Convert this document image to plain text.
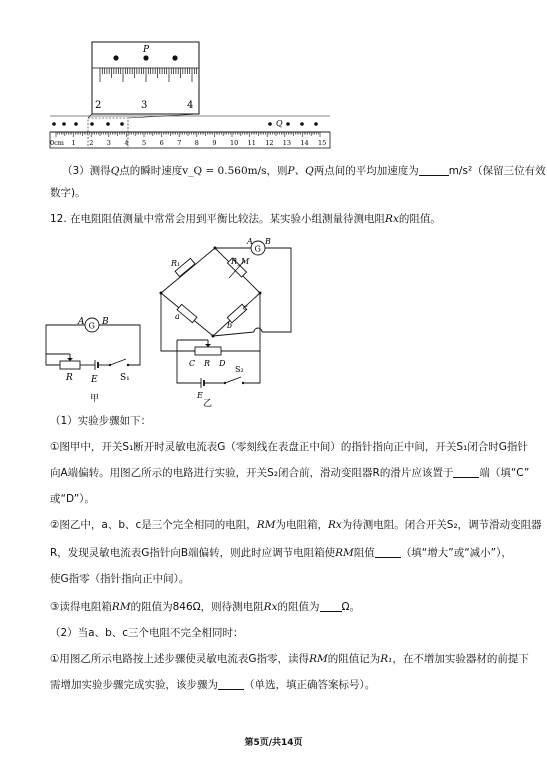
P
2	3	4
Q
0cm 1 2 3 4 5 6 7 8 9 10 11 12 13 14 15
（3）测得Q点的瞬时速度v_Q = 0.560m/s，则P、Q两点间的平均加速度为	m/s²（保留三位有效
数字)。
12. 在电阻阻值测量中常常会用到平衡比较法。某实验小组测量待测电阻Rx的阻值。
A G B
R E S₁
甲
R₁	R_M
a
b
c
G
A B
C R D
E
S₂
乙
（1）实验步骤如下：
①图甲中，开关S₁断开时灵敏电流表G（零刻线在表盘正中间）的指针指向正中间，开关S₁闭合时G指针
向A端偏转。用图乙所示的电路进行实验，开关S₂闭合前，滑动变阻器R的滑片应该置于 端（填“C”
或“D”）。
②图乙中，a、b、c是三个完全相同的电阻，RM为电阻箱，Rx为待测电阻。闭合开关S₂，调节滑动变阻器
R，发现灵敏电流表G指针向B端偏转，则此时应调节电阻箱使RM阻值 （填“增大”或“减小”），
使G指零（指针指向正中间）。
③读得电阻箱RM的阻值为846Ω，则待测电阻Rx的阻值为 Ω。
（2）当a、b、c三个电阻不完全相同时：
①用图乙所示电路按上述步骤使灵敏电流表G指零，读得RM的阻值记为R₁，在不增加实验器材的前提下
需增加实验步骤完成实验，该步骤为 （单选，填正确答案标号）。
第5页/共14页
